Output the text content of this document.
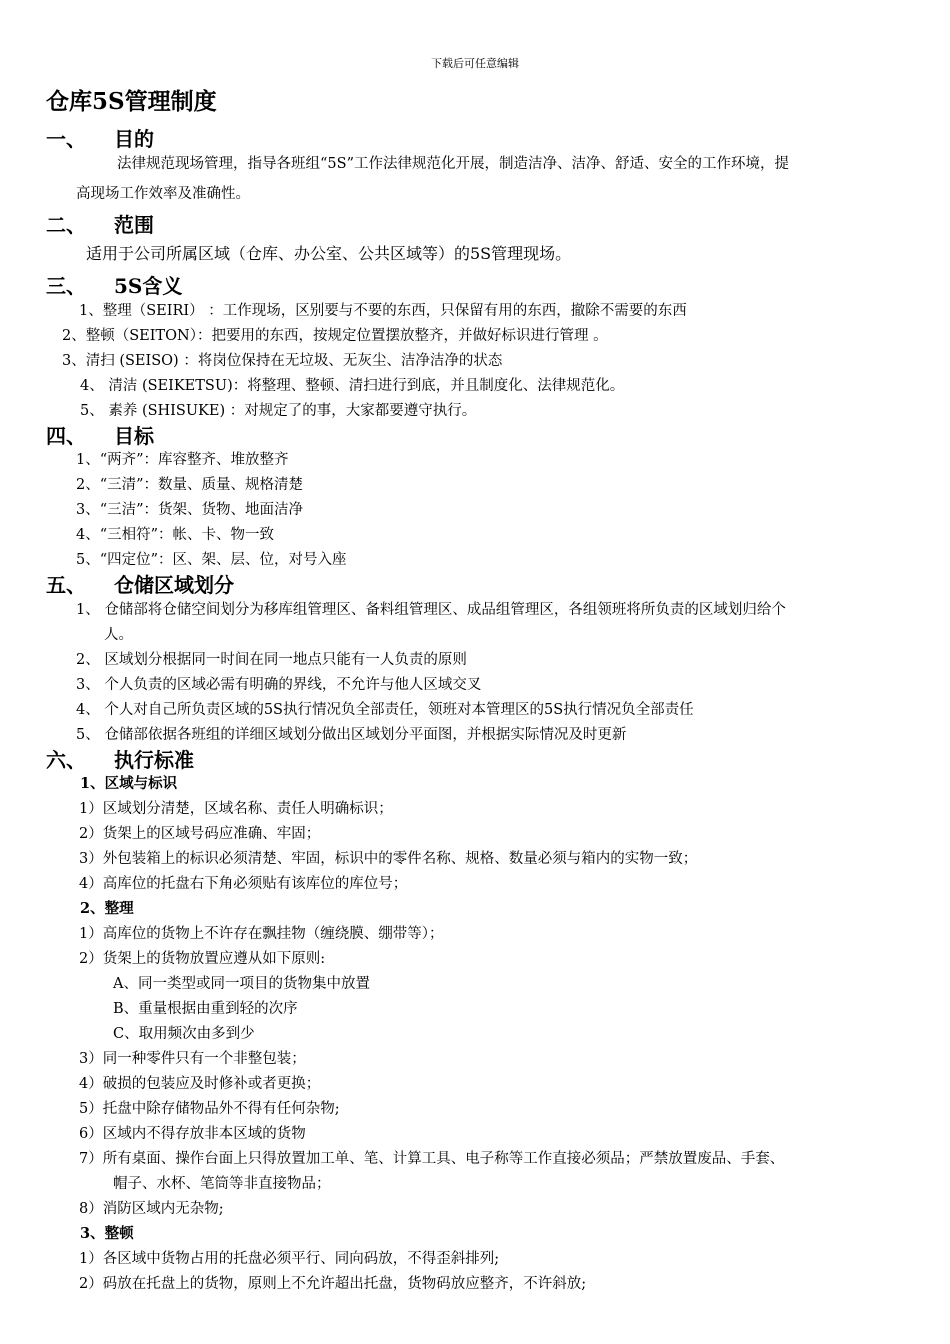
下载后可任意编辑
仓库5S管理制度
一、 目的
法律规范现场管理，指导各班组“5S”工作法律规范化开展，制造洁净、洁净、舒适、安全的工作环境，提
高现场工作效率及准确性。
二、 范围
适用于公司所属区域（仓库、办公室、公共区域等）的5S管理现场。
三、 5S含义
1、整理（SEIRI） ：工作现场，区别要与不要的东西，只保留有用的东西，撤除不需要的东西
2、整顿（SEITON）：把要用的东西，按规定位置摆放整齐，并做好标识进行管理 。
3、清扫 (SEISO) ：将岗位保持在无垃圾、无灰尘、洁净洁净的状态
4、 清洁 (SEIKETSU)：将整理、整顿、清扫进行到底，并且制度化、法律规范化。
5、 素养 (SHISUKE) ：对规定了的事，大家都要遵守执行。
四、 目标
1、“两齐”：库容整齐、堆放整齐
2、“三清”：数量、质量、规格清楚
3、“三洁”：货架、货物、地面洁净
4、“三相符”：帐、卡、物一致
5、“四定位”：区、架、层、位，对号入座
五、 仓储区域划分
1、 仓储部将仓储空间划分为移库组管理区、备料组管理区、成品组管理区，各组领班将所负责的区域划归给个
人。
2、 区域划分根据同一时间在同一地点只能有一人负责的原则
3、 个人负责的区域必需有明确的界线，不允许与他人区域交叉
4、 个人对自己所负责区域的5S执行情况负全部责任，领班对本管理区的5S执行情况负全部责任
5、 仓储部依据各班组的详细区域划分做出区域划分平面图，并根据实际情况及时更新
六、 执行标准
1、区域与标识
1）区域划分清楚，区域名称、责任人明确标识；
2）货架上的区域号码应准确、牢固；
3）外包装箱上的标识必须清楚、牢固，标识中的零件名称、规格、数量必须与箱内的实物一致；
4）高库位的托盘右下角必须贴有该库位的库位号；
2、整理
1）高库位的货物上不许存在飘挂物（缠绕膜、绷带等）；
2）货架上的货物放置应遵从如下原则:
A、同一类型或同一项目的货物集中放置
B、重量根据由重到轻的次序
C、取用频次由多到少
3）同一种零件只有一个非整包装；
4）破损的包装应及时修补或者更换；
5）托盘中除存储物品外不得有任何杂物;
6）区域内不得存放非本区域的货物
7）所有桌面、操作台面上只得放置加工单、笔、计算工具、电子称等工作直接必须品；严禁放置废品、手套、
帽子、水杯、笔筒等非直接物品；
8）消防区域内无杂物;
3、整顿
1）各区域中货物占用的托盘必须平行、同向码放，不得歪斜排列;
2）码放在托盘上的货物，原则上不允许超出托盘，货物码放应整齐，不许斜放;
